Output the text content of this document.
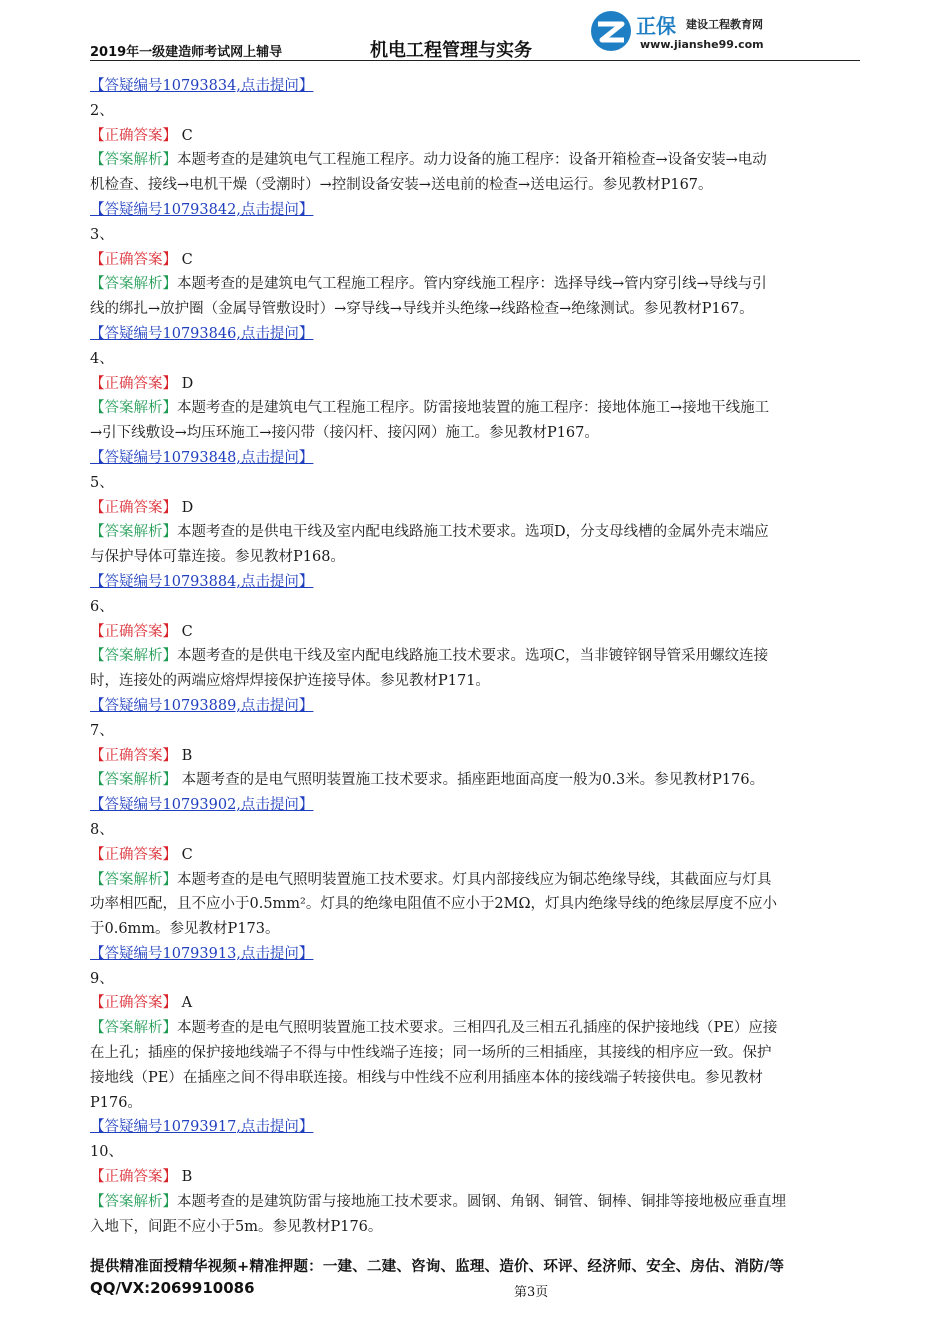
2019年一级建造师考试网上辅导	机电工程管理与实务
正保 建设工程教育网
www.jianshe99.com
【答疑编号10793834,点击提问】
2、
【正确答案】 C
【答案解析】本题考查的是建筑电气工程施工程序。动力设备的施工程序：设备开箱检查→设备安装→电动
机检查、接线→电机干燥（受潮时）→控制设备安装→送电前的检查→送电运行。参见教材P167。
【答疑编号10793842,点击提问】
3、
【正确答案】 C
【答案解析】本题考查的是建筑电气工程施工程序。管内穿线施工程序：选择导线→管内穿引线→导线与引
线的绑扎→放护圈（金属导管敷设时）→穿导线→导线并头绝缘→线路检查→绝缘测试。参见教材P167。
【答疑编号10793846,点击提问】
4、
【正确答案】 D
【答案解析】本题考查的是建筑电气工程施工程序。防雷接地装置的施工程序：接地体施工→接地干线施工
→引下线敷设→均压环施工→接闪带（接闪杆、接闪网）施工。参见教材P167。
【答疑编号10793848,点击提问】
5、
【正确答案】 D
【答案解析】本题考查的是供电干线及室内配电线路施工技术要求。选项D，分支母线槽的金属外壳末端应
与保护导体可靠连接。参见教材P168。
【答疑编号10793884,点击提问】
6、
【正确答案】 C
【答案解析】本题考查的是供电干线及室内配电线路施工技术要求。选项C，当非镀锌钢导管采用螺纹连接
时，连接处的两端应熔焊焊接保护连接导体。参见教材P171。
【答疑编号10793889,点击提问】
7、
【正确答案】 B
【答案解析】 本题考查的是电气照明装置施工技术要求。插座距地面高度一般为0.3米。参见教材P176。
【答疑编号10793902,点击提问】
8、
【正确答案】 C
【答案解析】本题考查的是电气照明装置施工技术要求。灯具内部接线应为铜芯绝缘导线，其截面应与灯具
功率相匹配，且不应小于0.5mm²。灯具的绝缘电阻值不应小于2MΩ，灯具内绝缘导线的绝缘层厚度不应小
于0.6mm。参见教材P173。
【答疑编号10793913,点击提问】
9、
【正确答案】 A
【答案解析】本题考查的是电气照明装置施工技术要求。三相四孔及三相五孔插座的保护接地线（PE）应接
在上孔；插座的保护接地线端子不得与中性线端子连接；同一场所的三相插座，其接线的相序应一致。保护
接地线（PE）在插座之间不得串联连接。相线与中性线不应利用插座本体的接线端子转接供电。参见教材
P176。
【答疑编号10793917,点击提问】
10、
【正确答案】 B
【答案解析】本题考查的是建筑防雷与接地施工技术要求。圆钢、角钢、铜管、铜棒、铜排等接地极应垂直埋
入地下，间距不应小于5m。参见教材P176。
提供精准面授精华视频+精准押题：一建、二建、咨询、监理、造价、环评、经济师、安全、房估、消防/等
QQ/VX:2069910086	第3页
